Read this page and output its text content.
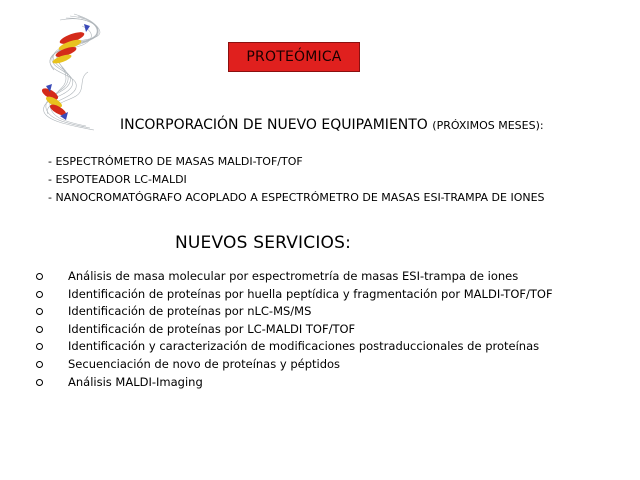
PROTEÓMICA
INCORPORACIÓN DE NUEVO EQUIPAMIENTO (PRÓXIMOS MESES):
- ESPECTRÓMETRO DE MASAS MALDI-TOF/TOF
- ESPOTEADOR LC-MALDI
- NANOCROMATÓGRAFO ACOPLADO A ESPECTRÓMETRO DE MASAS ESI-TRAMPA DE IONES
NUEVOS SERVICIOS:
Análisis de masa molecular por espectrometría de masas ESI-trampa de iones
Identificación de proteínas por huella peptídica y fragmentación por MALDI-TOF/TOF
Identificación de proteínas por nLC-MS/MS
Identificación de proteínas por LC-MALDI TOF/TOF
Identificación y caracterización de modificaciones postraduccionales de proteínas
Secuenciación de novo de proteínas y péptidos
Análisis MALDI-Imaging
